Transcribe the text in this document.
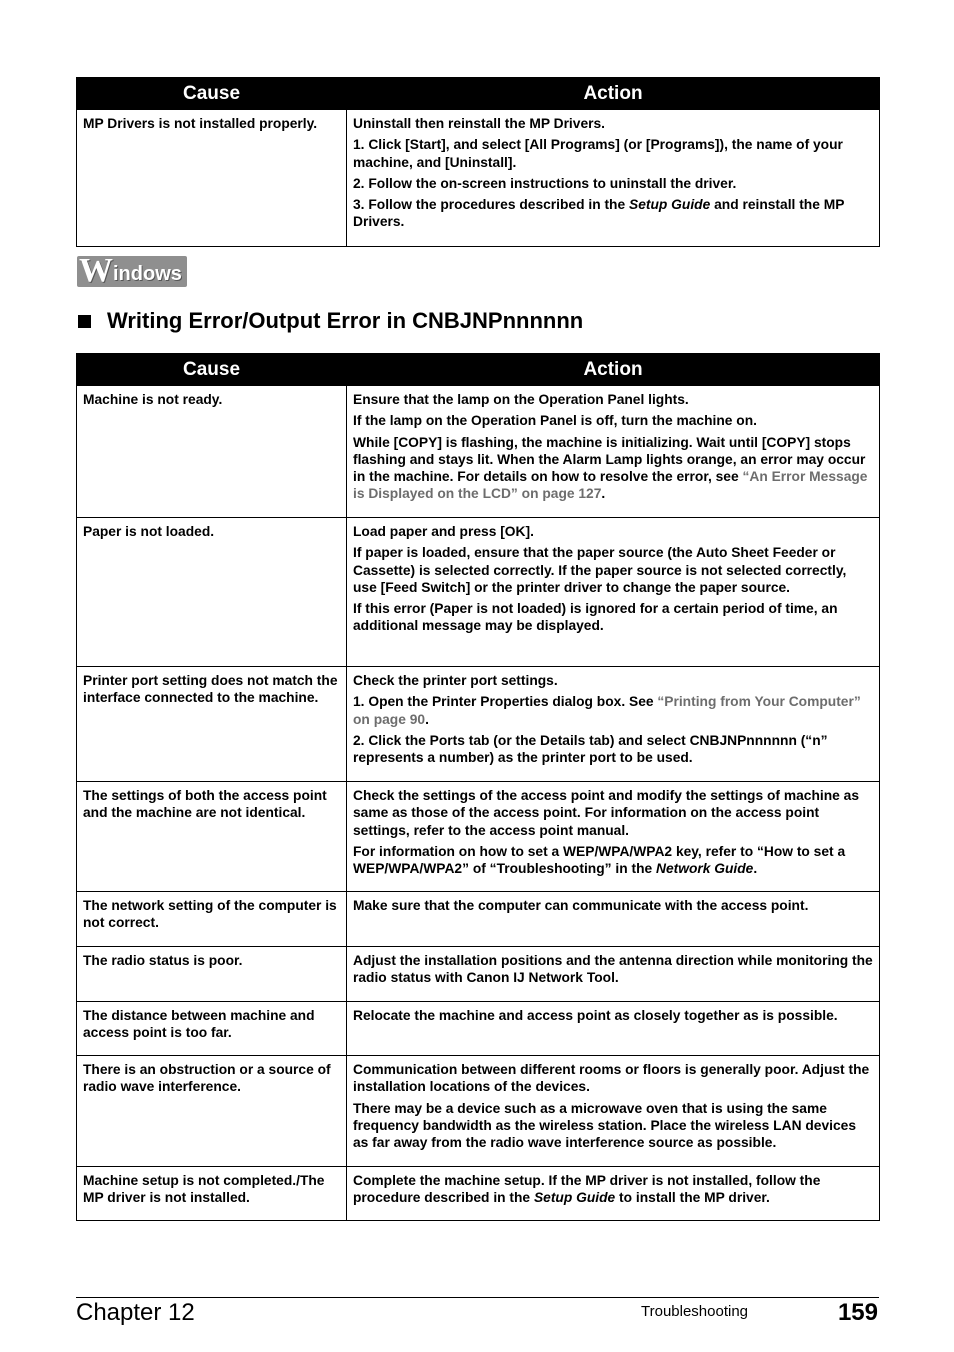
Cause	Action

MP Drivers is not installed properly.	Uninstall then reinstall the MP Drivers.

1. Click [Start], and select [All Programs] (or [Programs]), the name of your machine, and [Uninstall].

2. Follow the on-screen instructions to uninstall the driver.

3. Follow the procedures described in the Setup Guide and reinstall the MP Drivers.

W indows
Writing Error/Output Error in CNBJNPnnnnnn
Cause	Action

Machine is not ready.	Ensure that the lamp on the Operation Panel lights.

If the lamp on the Operation Panel is off, turn the machine on.

While [COPY] is flashing, the machine is initializing. Wait until [COPY] stops flashing and stays lit. When the Alarm Lamp lights orange, an error may occur in the machine. For details on how to resolve the error, see “An Error Message is Displayed on the LCD” on page 127.

Paper is not loaded.	Load paper and press [OK].

If paper is loaded, ensure that the paper source (the Auto Sheet Feeder or Cassette) is selected correctly. If the paper source is not selected correctly, use [Feed Switch] or the printer driver to change the paper source.

If this error (Paper is not loaded) is ignored for a certain period of time, an additional message may be displayed.

Printer port setting does not match the interface connected to the machine.	Check the printer port settings.

1. Open the Printer Properties dialog box. See “Printing from Your Computer” on page 90.

2. Click the Ports tab (or the Details tab) and select CNBJNPnnnnnn (“n” represents a number) as the printer port to be used.

The settings of both the access point and the machine are not identical.	Check the settings of the access point and modify the settings of machine as same as those of the access point. For information on the access point settings, refer to the access point manual.

For information on how to set a WEP/WPA/WPA2 key, refer to “How to set a WEP/WPA/WPA2” of “Troubleshooting” in the Network Guide.

The network setting of the computer is not correct.	Make sure that the computer can communicate with the access point.

The radio status is poor.	Adjust the installation positions and the antenna direction while monitoring the radio status with Canon IJ Network Tool.

The distance between machine and access point is too far.	Relocate the machine and access point as closely together as is possible.

There is an obstruction or a source of radio wave interference.	Communication between different rooms or floors is generally poor. Adjust the installation locations of the devices.

There may be a device such as a microwave oven that is using the same frequency bandwidth as the wireless station. Place the wireless LAN devices as far away from the radio wave interference source as possible.

Machine setup is not completed./The MP driver is not installed.	Complete the machine setup. If the MP driver is not installed, follow the procedure described in the Setup Guide to install the MP driver.

Chapter 12	Troubleshooting	159
